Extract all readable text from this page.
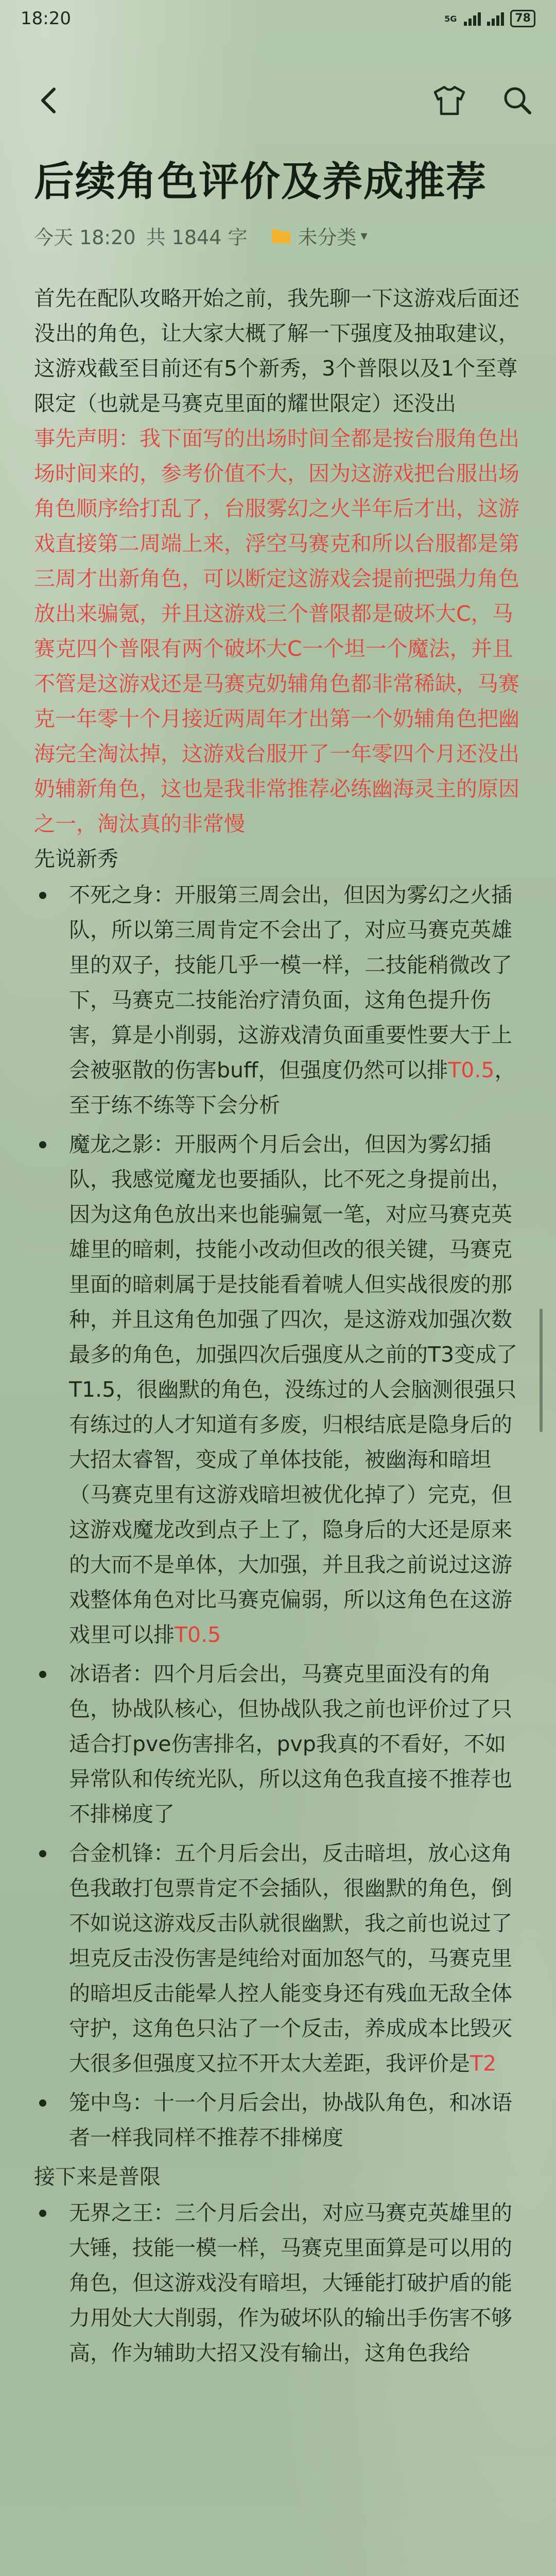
18:20	5G	78
后续角色评价及养成推荐
今天 18:20 共 1844 字	未分类 ▾

首先在配队攻略开始之前，我先聊一下这游戏后面还没出的角色，让大家大概了解一下强度及抽取建议，这游戏截至目前还有5个新秀，3个普限以及1个至尊限定（也就是马赛克里面的耀世限定）还没出

事先声明：我下面写的出场时间全都是按台服角色出场时间来的，参考价值不大，因为这游戏把台服出场角色顺序给打乱了，台服雾幻之火半年后才出，这游戏直接第二周端上来，浮空马赛克和所以台服都是第三周才出新角色，可以断定这游戏会提前把强力角色放出来骗氪，并且这游戏三个普限都是破坏大C，马赛克四个普限有两个破坏大C一个坦一个魔法，并且不管是这游戏还是马赛克奶辅角色都非常稀缺，马赛克一年零十个月接近两周年才出第一个奶辅角色把幽海完全淘汰掉，这游戏台服开了一年零四个月还没出奶辅新角色，这也是我非常推荐必练幽海灵主的原因之一，淘汰真的非常慢

先说新秀

不死之身：开服第三周会出，但因为雾幻之火插队，所以第三周肯定不会出了，对应马赛克英雄里的双子，技能几乎一模一样，二技能稍微改了下，马赛克二技能治疗清负面，这角色提升伤害，算是小削弱，这游戏清负面重要性要大于上会被驱散的伤害buff，但强度仍然可以排T0.5，至于练不练等下会分析
魔龙之影：开服两个月后会出，但因为雾幻插队，我感觉魔龙也要插队，比不死之身提前出，因为这角色放出来也能骗氪一笔，对应马赛克英雄里的暗刺，技能小改动但改的很关键，马赛克里面的暗刺属于是技能看着唬人但实战很废的那种，并且这角色加强了四次，是这游戏加强次数最多的角色，加强四次后强度从之前的T3变成了T1.5，很幽默的角色，没练过的人会脑测很强只有练过的人才知道有多废，归根结底是隐身后的大招太睿智，变成了单体技能，被幽海和暗坦（马赛克里有这游戏暗坦被优化掉了）完克，但这游戏魔龙改到点子上了，隐身后的大还是原来的大而不是单体，大加强，并且我之前说过这游戏整体角色对比马赛克偏弱，所以这角色在这游戏里可以排T0.5
冰语者：四个月后会出，马赛克里面没有的角色，协战队核心，但协战队我之前也评价过了只适合打pve伤害排名，pvp我真的不看好，不如异常队和传统光队，所以这角色我直接不推荐也不排梯度了
合金机锋：五个月后会出，反击暗坦，放心这角色我敢打包票肯定不会插队，很幽默的角色，倒不如说这游戏反击队就很幽默，我之前也说过了坦克反击没伤害是纯给对面加怒气的，马赛克里的暗坦反击能晕人控人能变身还有残血无敌全体守护，这角色只沾了一个反击，养成成本比毁灭大很多但强度又拉不开太大差距，我评价是T2
笼中鸟：十一个月后会出，协战队角色，和冰语者一样我同样不推荐不排梯度

接下来是普限

无界之王：三个月后会出，对应马赛克英雄里的大锤，技能一模一样，马赛克里面算是可以用的角色，但这游戏没有暗坦，大锤能打破护盾的能力用处大大削弱，作为破坏队的输出手伤害不够高，作为辅助大招又没有输出，这角色我给
